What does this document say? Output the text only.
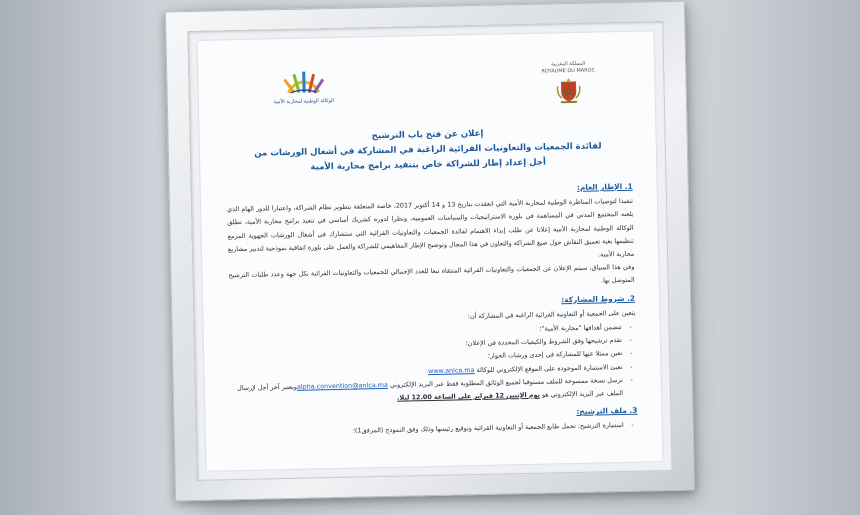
الوكالة الوطنية لمحاربة الأمية
المملكة المغربية
ROYAUME DU MAROC
إعلان عن فتح باب الترشيح
لفائدة الجمعيات والتعاونيات القرائية الراغبة في المشاركة في أشغال الورشات من
أجل إعداد إطار للشراكة خاص بتنفيذ برامج محاربة الأمية
1. الإطار العام:

تنفيذا لتوصيات المناظرة الوطنية لمحاربة الأمية التي انعقدت بتاريخ 13 و 14 أكتوبر 2017، خاصة المتعلقة بتطوير نظام الشراكة، واعتبارا للدور الهام الذي يلعبه المجتمع المدني في المساهمة في بلورة الاستراتيجيات والسياسات العمومية، ونظرا لدوره كشريك أساسي في تنفيذ برامج محاربة الأمية، تطلق الوكالة الوطنية لمحاربة الأمية إعلانا عن طلب إبداء الاهتمام لفائدة الجمعيات والتعاونيات القرائية التي ستشارك في أشغال الورشات الجهوية المزمع تنظيمها بغية تعميق النقاش حول صيغ الشراكة والتعاون في هذا المجال وتوضيح الإطار المفاهيمي للشراكة والعمل على بلورة اتفاقية نموذجية لتدبير مشاريع محاربة الأمية.

وفي هذا السياق، سيتم الإعلان عن الجمعيات والتعاونيات القرائية المنتقاة تبعا للعدد الإجمالي للجمعيات والتعاونيات القرائية بكل جهة وعدد طلبات الترشيح المتوصل بها.

2. شروط المشاركة:

يتعين على الجمعية أو التعاونية القرائية الراغبة في المشاركة أن:

- تتضمن أهدافها "محاربة الأمية"؛
- تقدم ترشيحها وفق الشروط والكيفيات المحددة في الإعلان؛
- تعين ممثلا عنها للمشاركة في إحدى ورشات الحوار؛
- تعبئ الاستمارة الموجودة على الموقع الإلكتروني للوكالة www.anlca.ma
- ترسل نسخة ممسوحة للملف مستوفيا لجميع الوثائق المطلوبة فقط عبر البريد الإلكتروني alpha.convention@anlca.maويعتبر آخر أجل لإرسال الملف عبر البريد الإلكتروني هو يوم الإثنين 12 فبراير على الساعة 12.00 ليلا.
3. ملف الترشيح:
- استمارة الترشيح: تحمل طابع الجمعية أو التعاونية القرائية وتوقيع رئيسها وذلك وفق النموذج (المرفق1)؛
